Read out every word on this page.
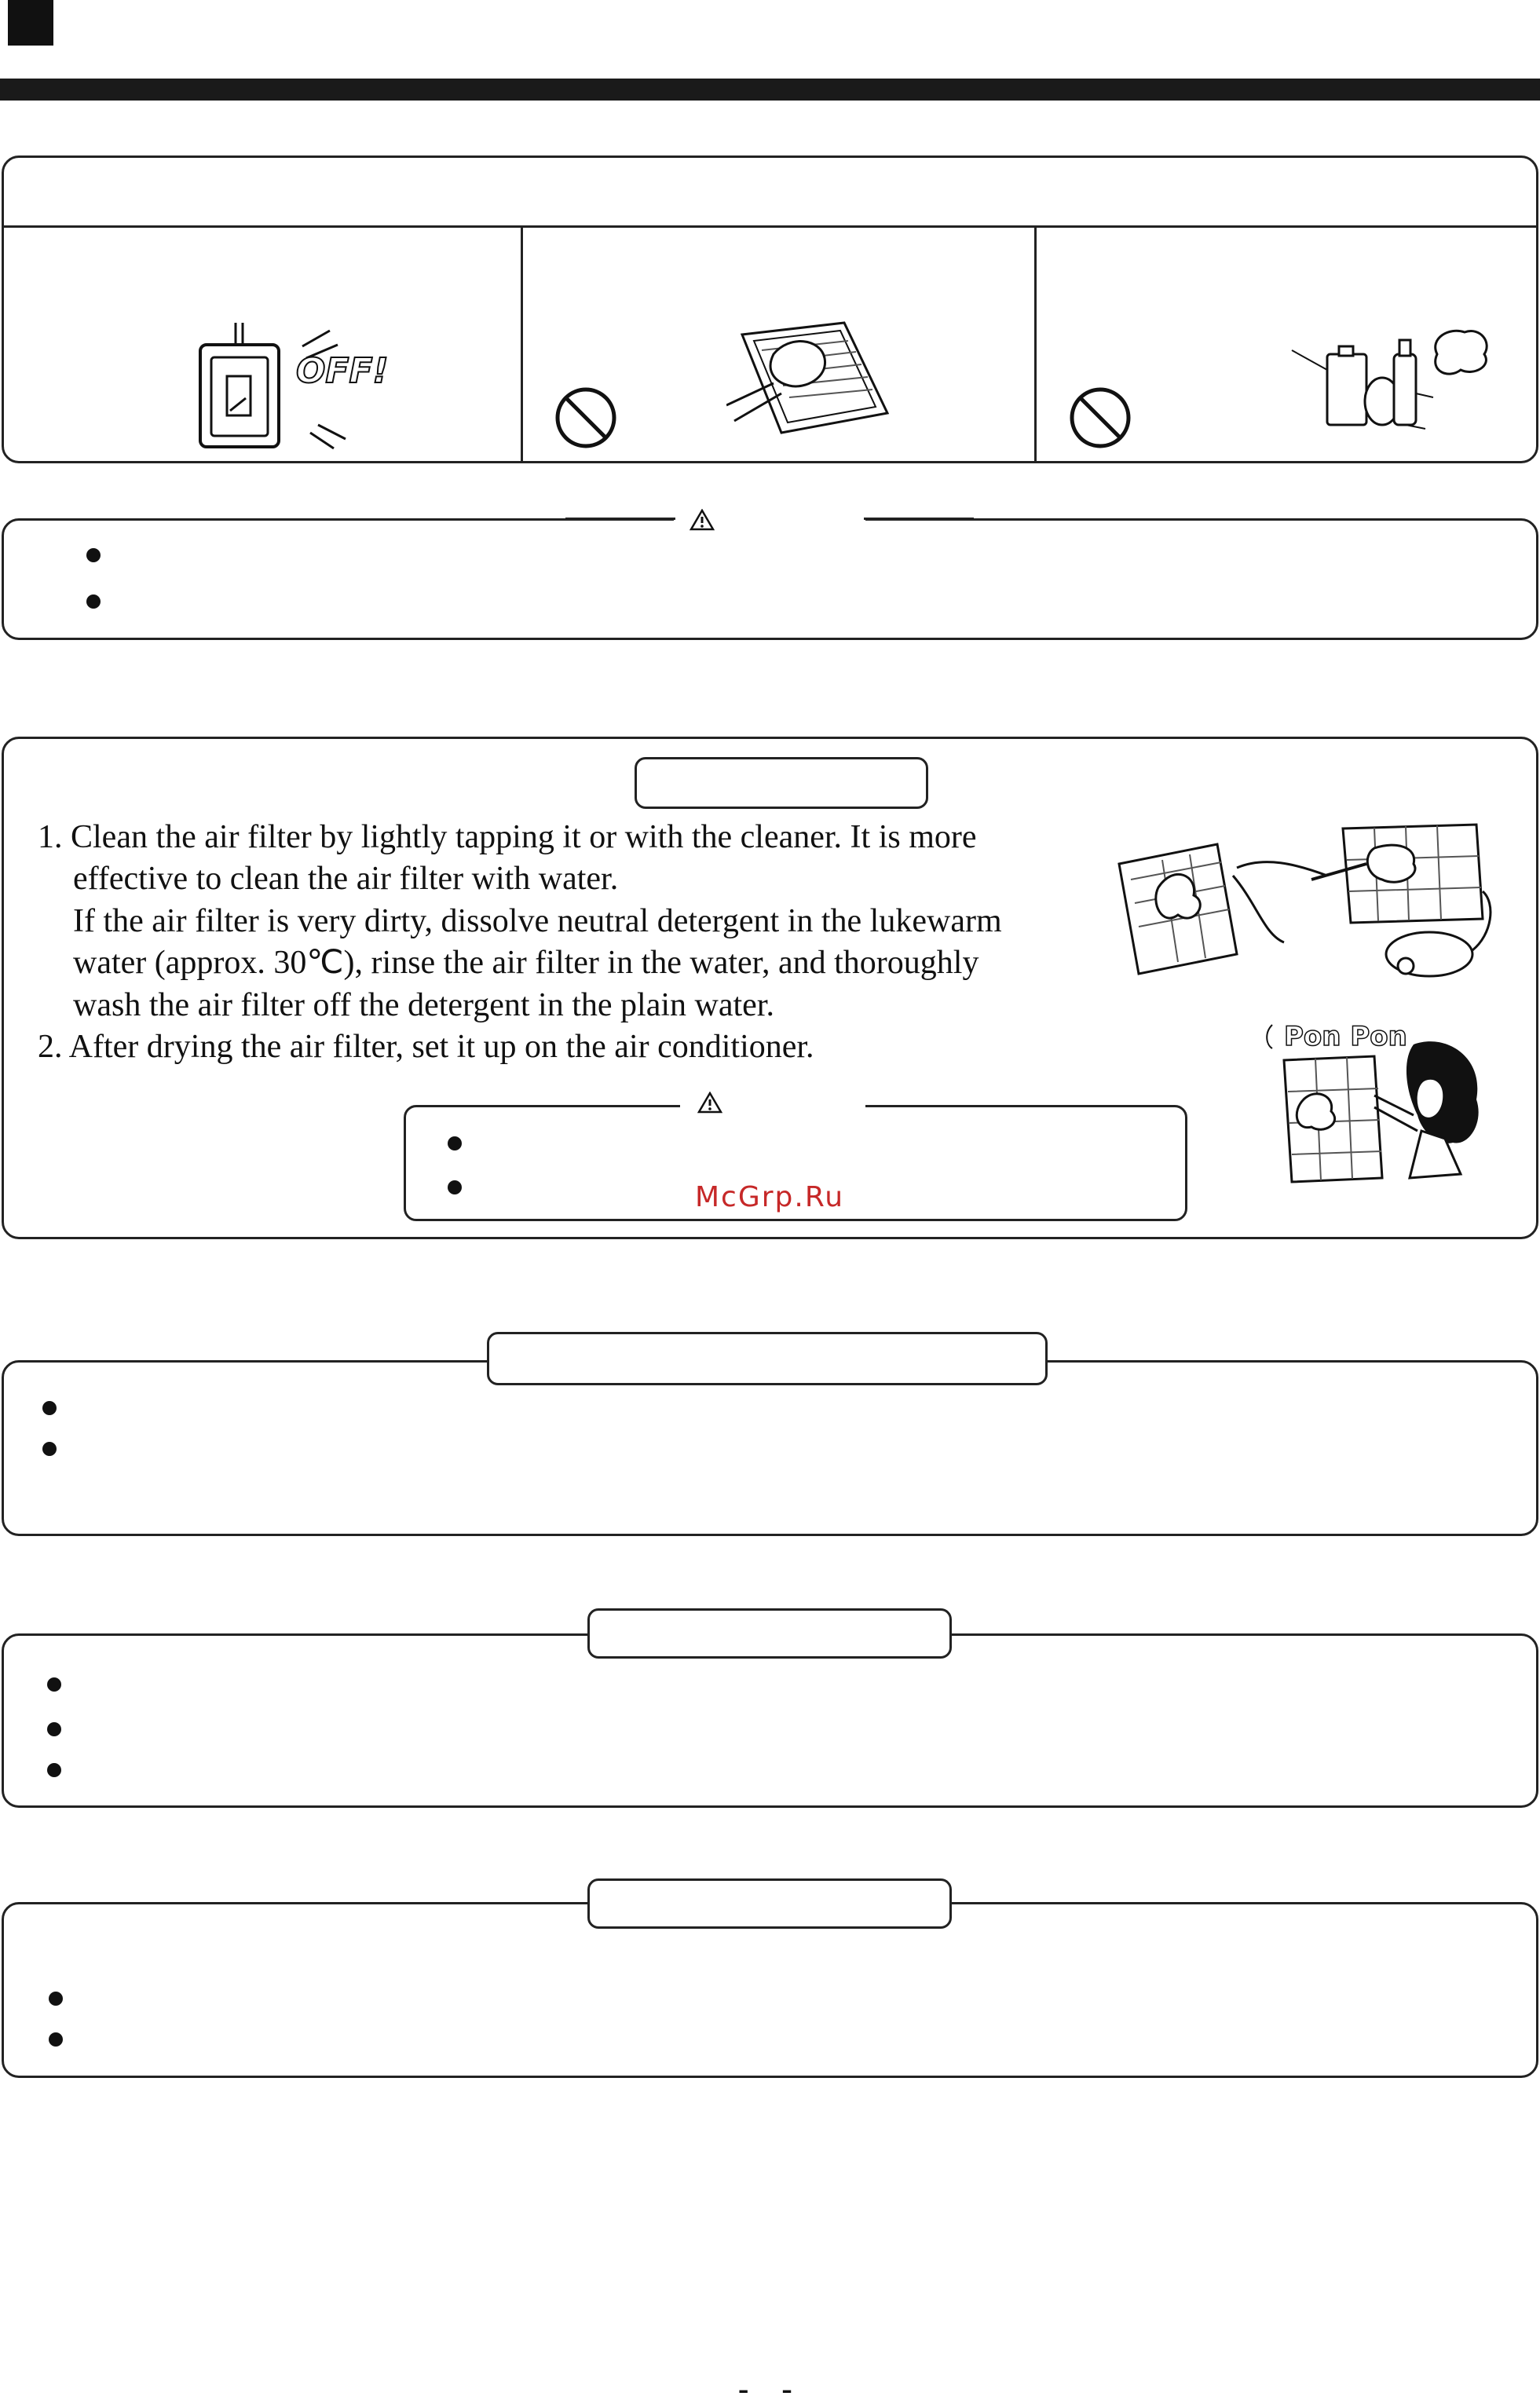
OFF!
1. Clean the air filter by lightly tapping it or with the cleaner. It is more
effective to clean the air filter with water.
If the air filter is very dirty, dissolve neutral detergent in the lukewarm
water (approx. 30℃), rinse the air filter in the water, and thoroughly
wash the air filter off the detergent in the plain water.
2. After drying the air filter, set it up on the air conditioner.	Pon Pon
McGrp.Ru
- -
